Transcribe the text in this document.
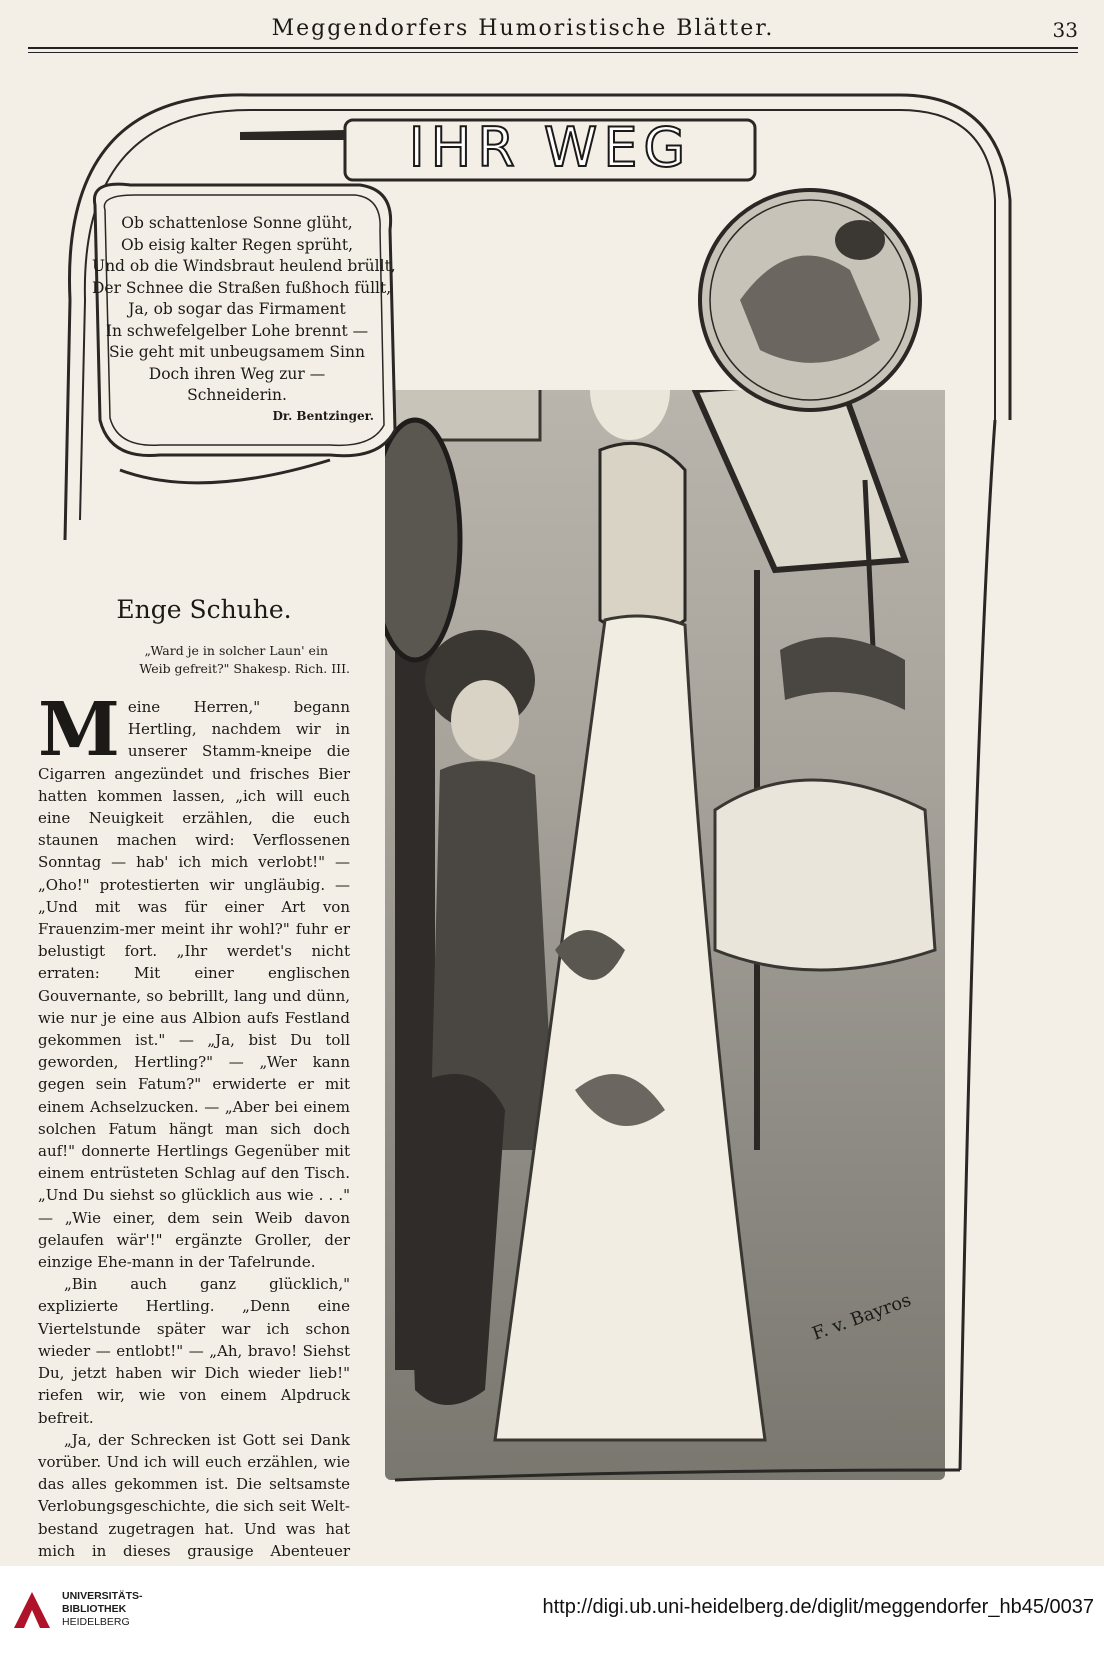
Meggendorfers Humoristische Blätter.	33
F. v. Bayros
IHR WEG
Ob schattenlose Sonne glüht,
Ob eisig kalter Regen sprüht,
Und ob die Windsbraut heulend brüllt,
Der Schnee die Straßen fußhoch füllt,
Ja, ob sogar das Firmament
In schwefelgelber Lohe brennt —
Sie geht mit unbeugsamem Sinn
Doch ihren Weg zur —
Schneiderin.
Dr. Bentzinger.
Enge Schuhe.
„Ward je in solcher Laun' ein
Weib gefreit?" Shakesp. Rich. III.

Meine Herren," begann Hertling, nachdem wir in unserer Stamm-kneipe die Cigarren angezündet und frisches Bier hatten kommen lassen, „ich will euch eine Neuigkeit erzählen, die euch staunen machen wird: Verflossenen Sonntag — hab' ich mich verlobt!" — „Oho!" protestierten wir ungläubig. — „Und mit was für einer Art von Frauenzim-mer meint ihr wohl?" fuhr er belustigt fort. „Ihr werdet's nicht erraten: Mit einer englischen Gouvernante, so bebrillt, lang und dünn, wie nur je eine aus Albion aufs Festland gekommen ist." — „Ja, bist Du toll geworden, Hertling?" — „Wer kann gegen sein Fatum?" erwiderte er mit einem Achselzucken. — „Aber bei einem solchen Fatum hängt man sich doch auf!" donnerte Hertlings Gegenüber mit einem entrüsteten Schlag auf den Tisch. „Und Du siehst so glücklich aus wie . . ." — „Wie einer, dem sein Weib davon gelaufen wär'!" ergänzte Groller, der einzige Ehe-mann in der Tafelrunde.

„Bin auch ganz glücklich," explizierte Hertling. „Denn eine Viertelstunde später war ich schon wieder — entlobt!" — „Ah, bravo! Siehst Du, jetzt haben wir Dich wieder lieb!" riefen wir, wie von einem Alpdruck befreit.

„Ja, der Schrecken ist Gott sei Dank vorüber. Und ich will euch erzählen, wie das alles gekommen ist. Die seltsamste Verlobungsgeschichte, die sich seit Welt-bestand zugetragen hat. Und was hat mich in dieses grausige Abenteuer

UNIVERSITÄTS-
BIBLIOTHEK
HEIDELBERG
http://digi.ub.uni-heidelberg.de/diglit/meggendorfer_hb45/0037
